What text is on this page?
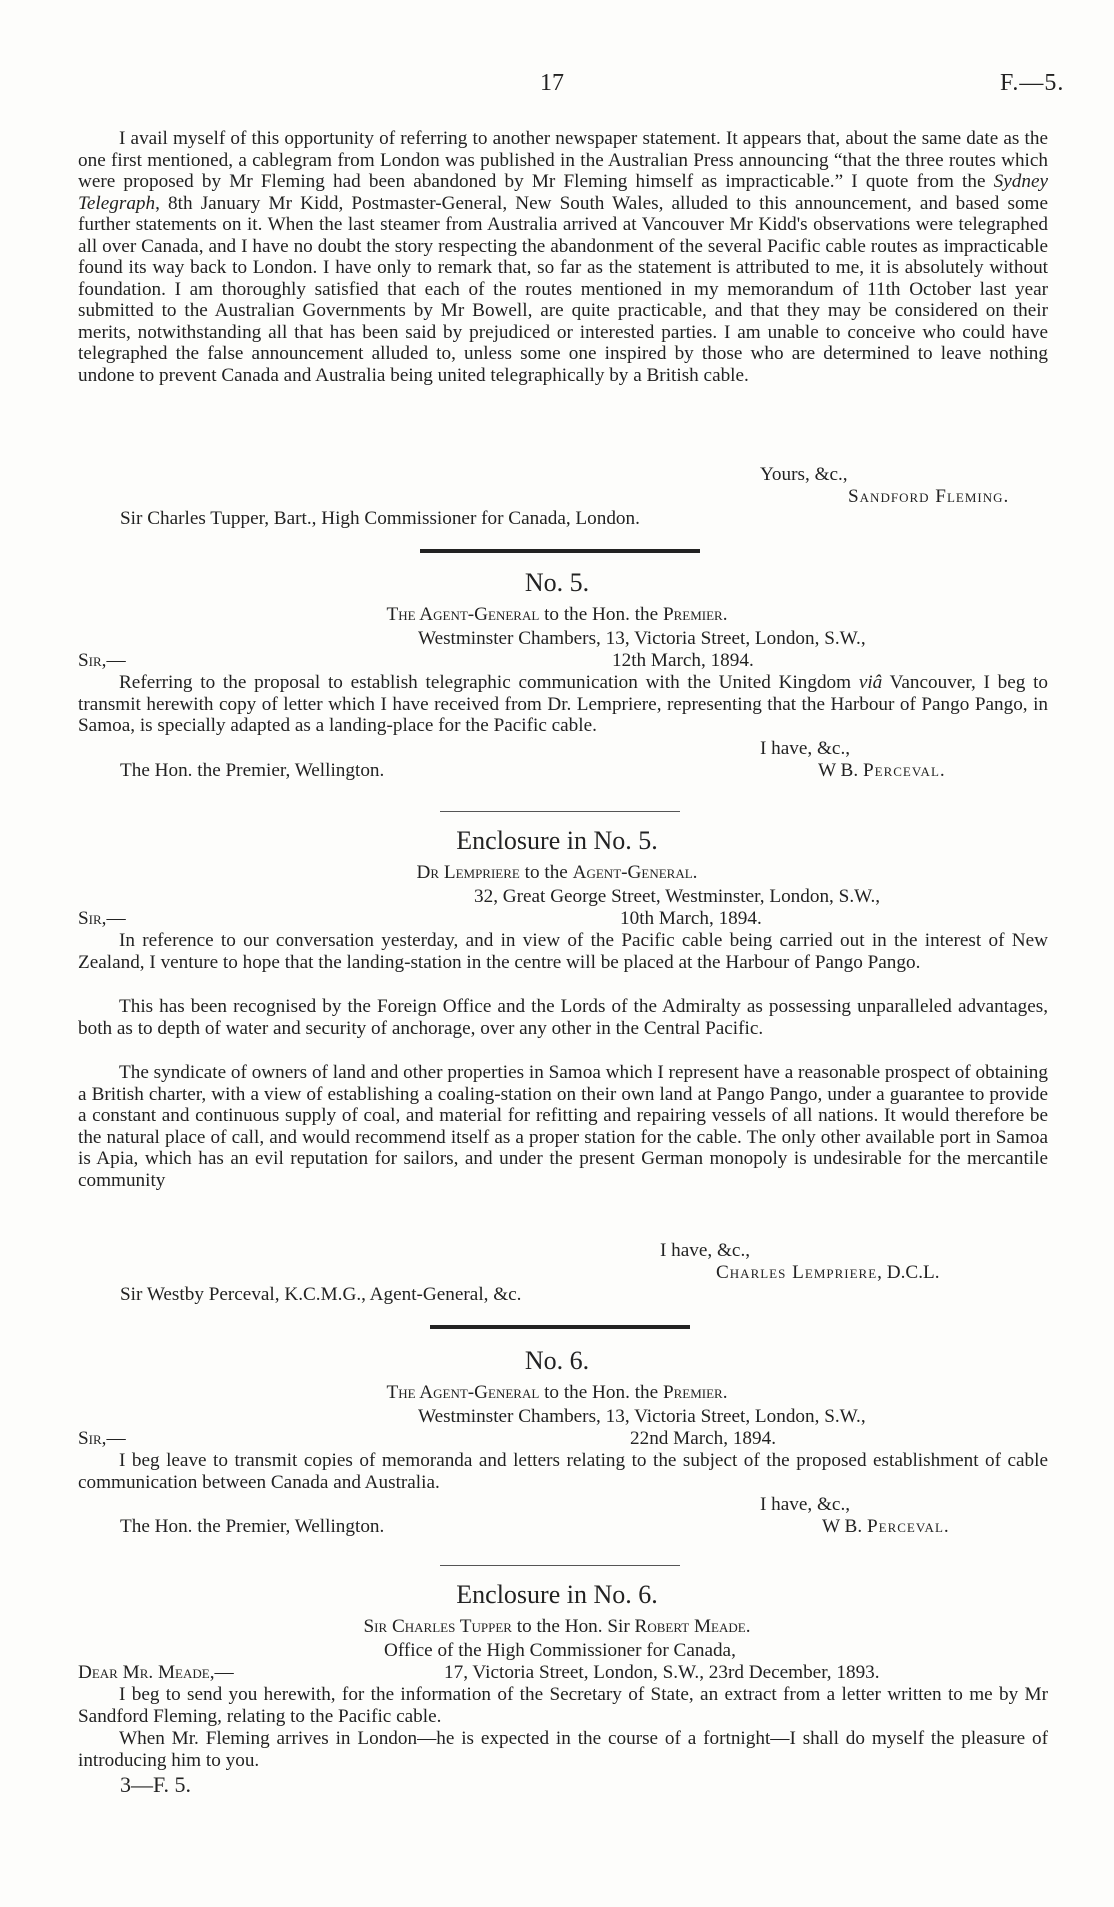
17	F.—5.

I avail myself of this opportunity of referring to another newspaper statement. It appears that, about the same date as the one first mentioned, a cablegram from London was published in the Australian Press announcing “that the three routes which were proposed by Mr Fleming had been abandoned by Mr Fleming himself as impracticable.” I quote from the Sydney Telegraph, 8th January Mr Kidd, Postmaster-General, New South Wales, alluded to this announcement, and based some further statements on it. When the last steamer from Australia arrived at Vancouver Mr Kidd's observations were telegraphed all over Canada, and I have no doubt the story respecting the abandonment of the several Pacific cable routes as impracticable found its way back to London. I have only to remark that, so far as the statement is attributed to me, it is absolutely without foundation. I am thoroughly satisfied that each of the routes mentioned in my memorandum of 11th October last year submitted to the Australian Governments by Mr Bowell, are quite practicable, and that they may be considered on their merits, notwithstanding all that has been said by prejudiced or interested parties. I am unable to conceive who could have telegraphed the false announcement alluded to, unless some one inspired by those who are determined to leave nothing undone to prevent Canada and Australia being united telegraphically by a British cable.

Yours, &c.,
Sandford Fleming.
Sir Charles Tupper, Bart., High Commissioner for Canada, London.
No. 5.
The Agent-General to the Hon. the Premier.
Westminster Chambers, 13, Victoria Street, London, S.W.,
Sir,—	12th March, 1894.

Referring to the proposal to establish telegraphic communication with the United Kingdom viâ Vancouver, I beg to transmit herewith copy of letter which I have received from Dr. Lempriere, representing that the Harbour of Pango Pango, in Samoa, is specially adapted as a landing-place for the Pacific cable.

I have, &c.,
The Hon. the Premier, Wellington.	W B. Perceval.
Enclosure in No. 5.
Dr Lempriere to the Agent-General.
32, Great George Street, Westminster, London, S.W.,
Sir,—	10th March, 1894.

In reference to our conversation yesterday, and in view of the Pacific cable being carried out in the interest of New Zealand, I venture to hope that the landing-station in the centre will be placed at the Harbour of Pango Pango.

This has been recognised by the Foreign Office and the Lords of the Admiralty as possessing unparalleled advantages, both as to depth of water and security of anchorage, over any other in the Central Pacific.

The syndicate of owners of land and other properties in Samoa which I represent have a reasonable prospect of obtaining a British charter, with a view of establishing a coaling-station on their own land at Pango Pango, under a guarantee to provide a constant and continuous supply of coal, and material for refitting and repairing vessels of all nations. It would therefore be the natural place of call, and would recommend itself as a proper station for the cable. The only other available port in Samoa is Apia, which has an evil reputation for sailors, and under the present German monopoly is undesirable for the mercantile community

I have, &c.,
Charles Lempriere, D.C.L.
Sir Westby Perceval, K.C.M.G., Agent-General, &c.
No. 6.
The Agent-General to the Hon. the Premier.
Westminster Chambers, 13, Victoria Street, London, S.W.,
Sir,—	22nd March, 1894.

I beg leave to transmit copies of memoranda and letters relating to the subject of the proposed establishment of cable communication between Canada and Australia.

I have, &c.,
The Hon. the Premier, Wellington.	W B. Perceval.
Enclosure in No. 6.
Sir Charles Tupper to the Hon. Sir Robert Meade.
Office of the High Commissioner for Canada,
Dear Mr. Meade,—	17, Victoria Street, London, S.W., 23rd December, 1893.

I beg to send you herewith, for the information of the Secretary of State, an extract from a letter written to me by Mr Sandford Fleming, relating to the Pacific cable.

When Mr. Fleming arrives in London—he is expected in the course of a fortnight—I shall do myself the pleasure of introducing him to you.

3—F. 5.
